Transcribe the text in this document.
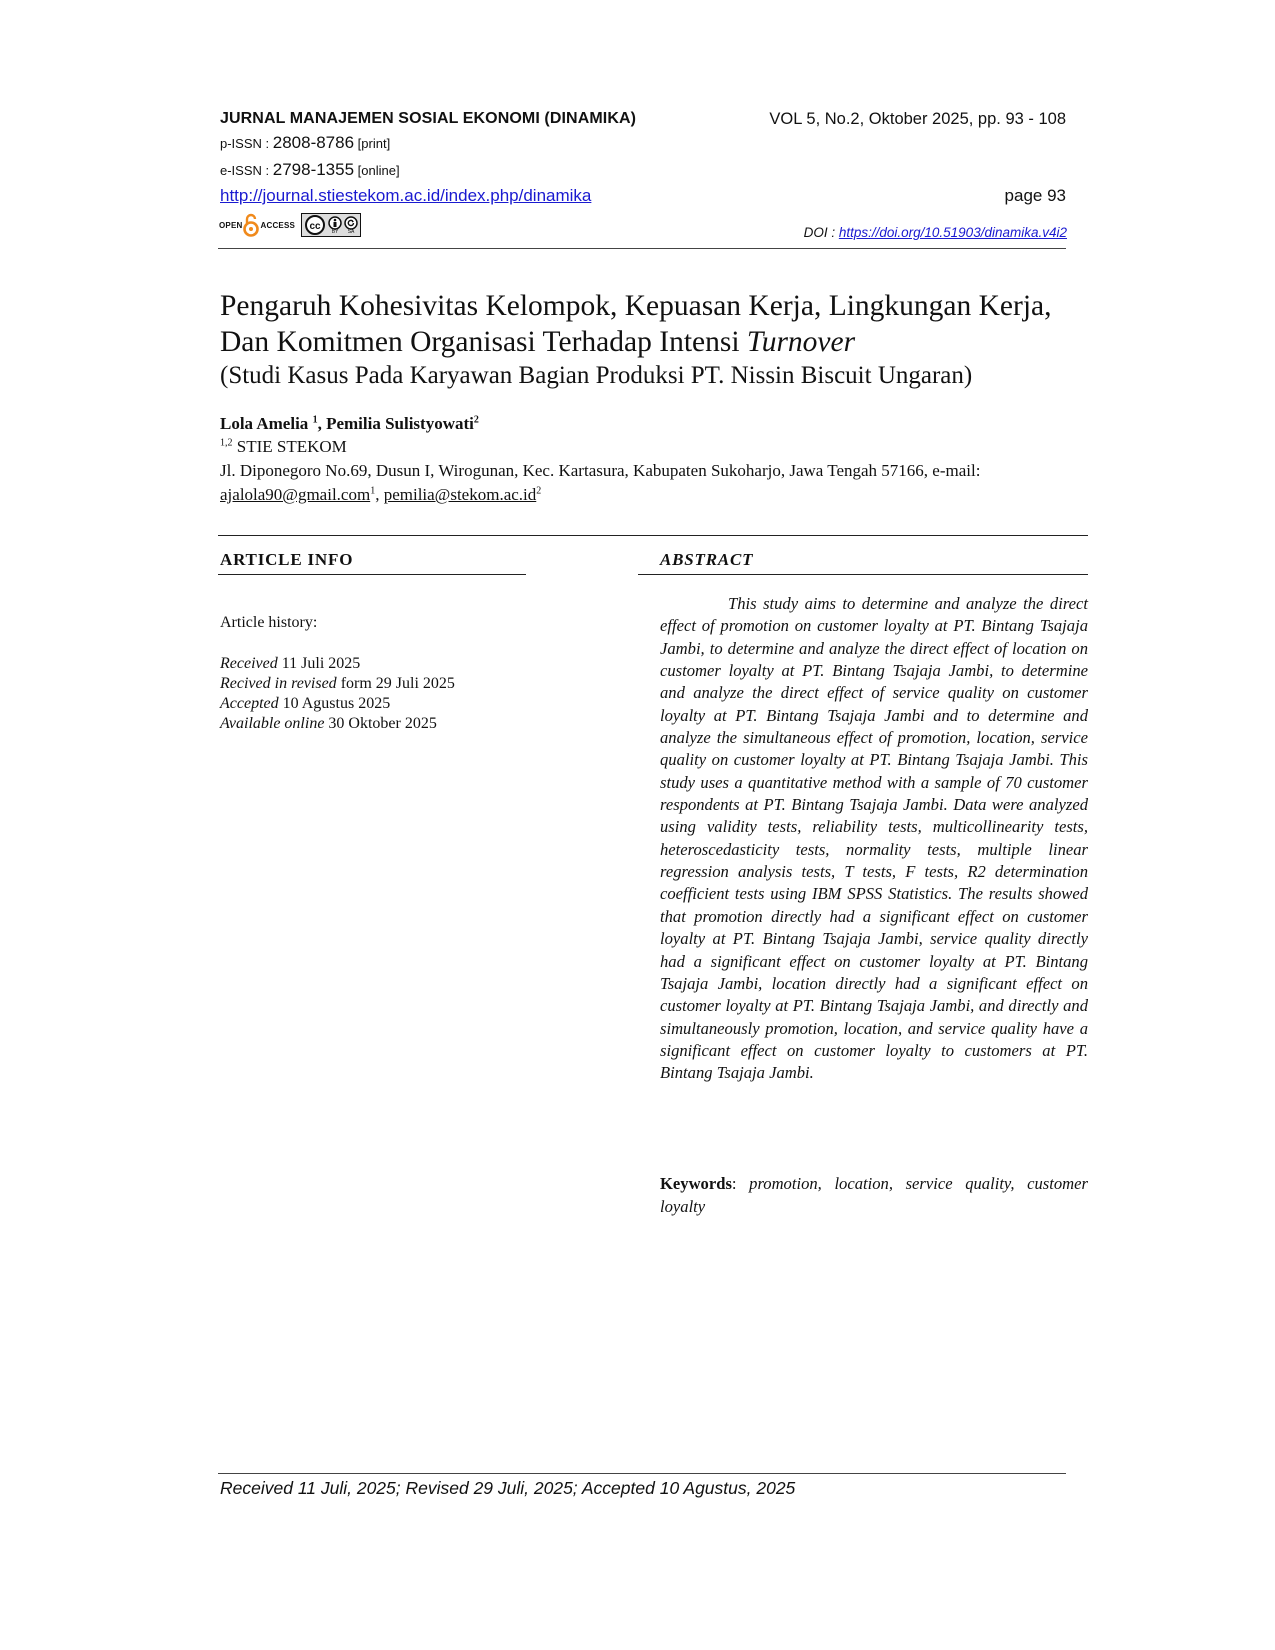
JURNAL MANAJEMEN SOSIAL EKONOMI (DINAMIKA)	VOL 5, No.2, Oktober 2025, pp. 93 - 108
p-ISSN : 2808-8786 [print]
e-ISSN : 2798-1355 [online]
http://journal.stiestekom.ac.id/index.php/dinamika	page 93
OPEN ACCESS cc BY SA	DOI : https://doi.org/10.51903/dinamika.v4i2
Pengaruh Kohesivitas Kelompok, Kepuasan Kerja, Lingkungan Kerja, Dan Komitmen Organisasi Terhadap Intensi Turnover
(Studi Kasus Pada Karyawan Bagian Produksi PT. Nissin Biscuit Ungaran)
Lola Amelia $^1$, Pemilia Sulistyowati$^2$
$^{1,2}$ STIE STEKOM
Jl. Diponegoro No.69, Dusun I, Wirogunan, Kec. Kartasura, Kabupaten Sukoharjo, Jawa Tengah 57166, e-mail: ajalola90@gmail.com$^1$, $pemilia@stekom.ac.id^2$
ARTICLE INFO	ABSTRACT
Article history:
Received 11 Juli 2025
Recived in revised form 29 Juli 2025
Accepted 10 Agustus 2025
Available online 30 Oktober 2025
This study aims to determine and analyze the direct effect of promotion on customer loyalty at PT. Bintang Tsajaja Jambi, to determine and analyze the direct effect of location on customer loyalty at PT. Bintang Tsajaja Jambi, to determine and analyze the direct effect of service quality on customer loyalty at PT. Bintang Tsajaja Jambi and to determine and analyze the simultaneous effect of promotion, location, service quality on customer loyalty at PT. Bintang Tsajaja Jambi. This study uses a quantitative method with a sample of 70 customer respondents at PT. Bintang Tsajaja Jambi. Data were analyzed using validity tests, reliability tests, multicollinearity tests, heteroscedasticity tests, normality tests, multiple linear regression analysis tests, T tests, F tests, R2 determination coefficient tests using IBM SPSS Statistics. The results showed that promotion directly had a significant effect on customer loyalty at PT. Bintang Tsajaja Jambi, service quality directly had a significant effect on customer loyalty at PT. Bintang Tsajaja Jambi, location directly had a significant effect on customer loyalty at PT. Bintang Tsajaja Jambi, and directly and simultaneously promotion, location, and service quality have a significant effect on customer loyalty to customers at PT. Bintang Tsajaja Jambi.
Keywords: promotion, location, service quality, customer loyalty
Received 11 Juli, 2025; Revised 29 Juli, 2025; Accepted 10 Agustus, 2025
